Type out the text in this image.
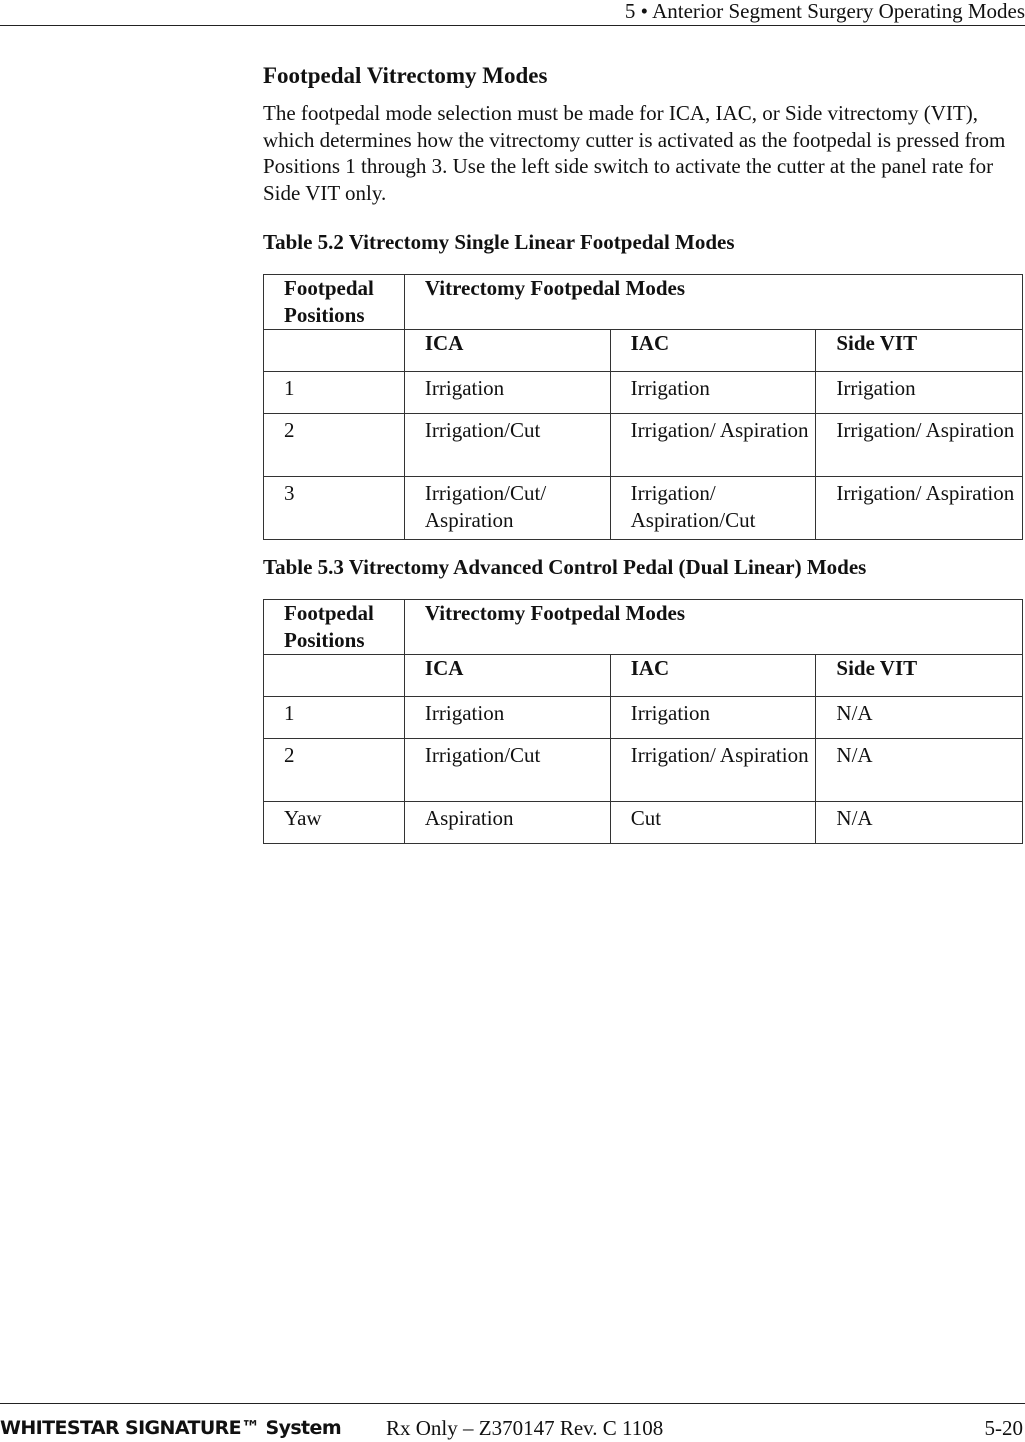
5 • Anterior Segment Surgery Operating Modes
Footpedal Vitrectomy Modes

The footpedal mode selection must be made for ICA, IAC, or Side vitrectomy (VIT), which determines how the vitrectomy cutter is activated as the footpedal is pressed from Positions 1 through 3. Use the left side switch to activate the cutter at the panel rate for Side VIT only.

Table 5.2 Vitrectomy Single Linear Footpedal Modes
Footpedal Positions	Vitrectomy Footpedal Modes		
	ICA	IAC	Side VIT
1	Irrigation	Irrigation	Irrigation
2	Irrigation/Cut	Irrigation/ Aspiration	Irrigation/ Aspiration
3	Irrigation/Cut/ Aspiration	Irrigation/ Aspiration/Cut	Irrigation/ Aspiration
Table 5.3 Vitrectomy Advanced Control Pedal (Dual Linear) Modes
Footpedal Positions	Vitrectomy Footpedal Modes		
	ICA	IAC	Side VIT
1	Irrigation	Irrigation	N/A
2	Irrigation/Cut	Irrigation/ Aspiration	N/A
Yaw	Aspiration	Cut	N/A
WHITESTAR SIGNATURE™ System Rx Only – Z370147 Rev. C 1108	5-20
